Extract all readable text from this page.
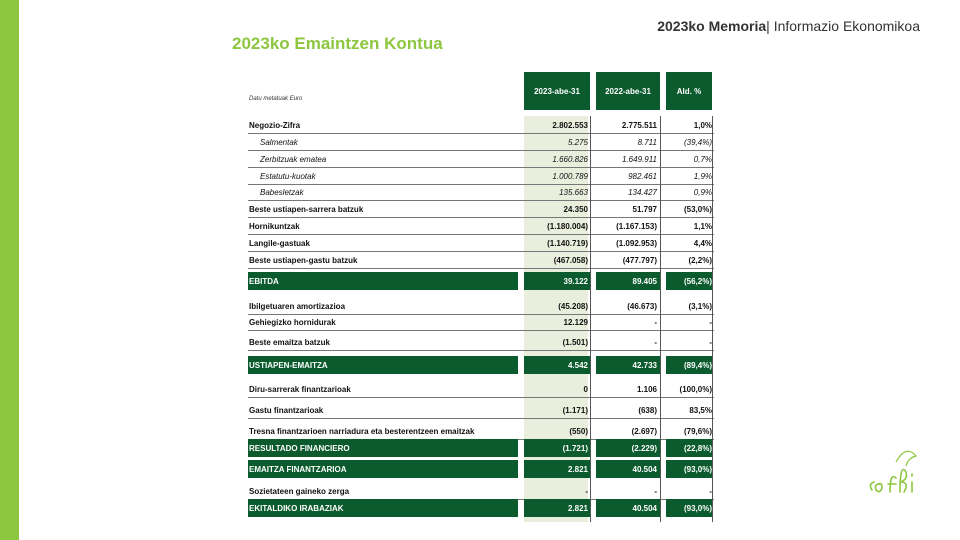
2023ko Memoria| Informazio Ekonomikoa
2023ko Emaintzen Kontua
Datu metatuak Euro
2023-abe-31	2022-abe-31	Ald. %
Negozio-Zifra	2.802.553	2.775.511	1,0%
Salmentak	5.275	8.711	(39,4%)
Zerbitzuak ematea	1.660.826	1.649.911	0,7%
Estatutu-kuotak	1.000.789	982.461	1,9%
Babesletzak	135.663	134.427	0,9%
Beste ustiapen-sarrera batzuk	24.350	51.797	(53,0%)
Hornikuntzak	(1.180.004)	(1.167.153)	1,1%
Langile-gastuak	(1.140.719)	(1.092.953)	4,4%
Beste ustiapen-gastu batzuk	(467.058)	(477.797)	(2,2%)
EBITDA	39.122	89.405	(56,2%)
Ibilgetuaren amortizazioa	(45.208)	(46.673)	(3,1%)
Gehiegizko hornidurak	12.129	-	-
Beste emaitza batzuk	(1.501)	-	-
USTIAPEN-EMAITZA	4.542	42.733	(89,4%)
Diru-sarrerak finantzarioak	0	1.106	(100,0%)
Gastu finantzarioak	(1.171)	(638)	83,5%
Tresna finantzarioen narriadura eta besterentzeen emaitzak	(550)	(2.697)	(79,6%)
RESULTADO FINANCIERO	(1.721)	(2.229)	(22,8%)
EMAITZA FINANTZARIOA	2.821	40.504	(93,0%)
Sozietateen gaineko zerga	-	-	-
EKITALDIKO IRABAZIAK	2.821	40.504	(93,0%)
